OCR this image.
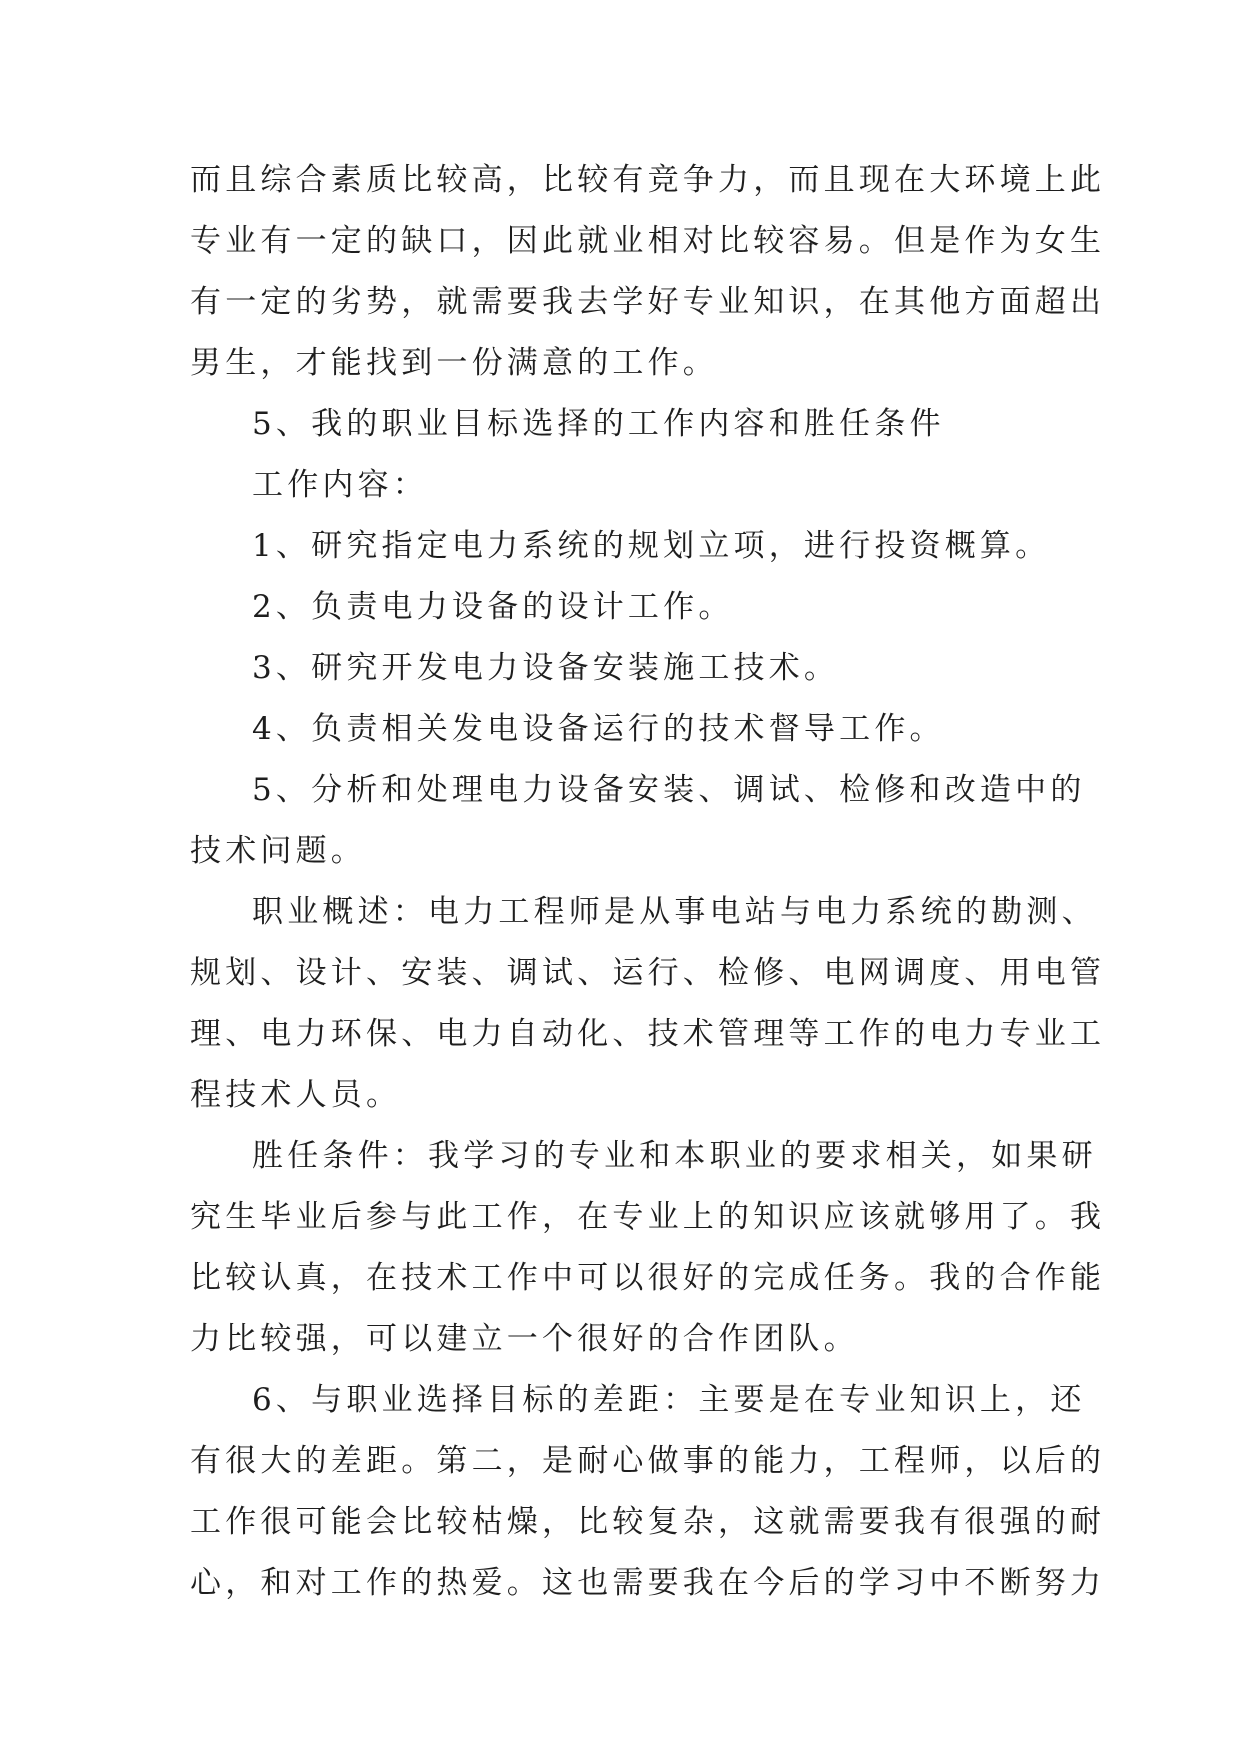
而且综合素质比较高，比较有竞争力，而且现在大环境上此
专业有一定的缺口，因此就业相对比较容易。但是作为女生
有一定的劣势，就需要我去学好专业知识，在其他方面超出
男生，才能找到一份满意的工作。
5、我的职业目标选择的工作内容和胜任条件
工作内容：
1、研究指定电力系统的规划立项，进行投资概算。
2、负责电力设备的设计工作。
3、研究开发电力设备安装施工技术。
4、负责相关发电设备运行的技术督导工作。
5、分析和处理电力设备安装、调试、检修和改造中的
技术问题。
职业概述：电力工程师是从事电站与电力系统的勘测、
规划、设计、安装、调试、运行、检修、电网调度、用电管
理、电力环保、电力自动化、技术管理等工作的电力专业工
程技术人员。
胜任条件：我学习的专业和本职业的要求相关，如果研
究生毕业后参与此工作，在专业上的知识应该就够用了。我
比较认真，在技术工作中可以很好的完成任务。我的合作能
力比较强，可以建立一个很好的合作团队。
6、与职业选择目标的差距：主要是在专业知识上，还
有很大的差距。第二，是耐心做事的能力，工程师，以后的
工作很可能会比较枯燥，比较复杂，这就需要我有很强的耐
心，和对工作的热爱。这也需要我在今后的学习中不断努力
